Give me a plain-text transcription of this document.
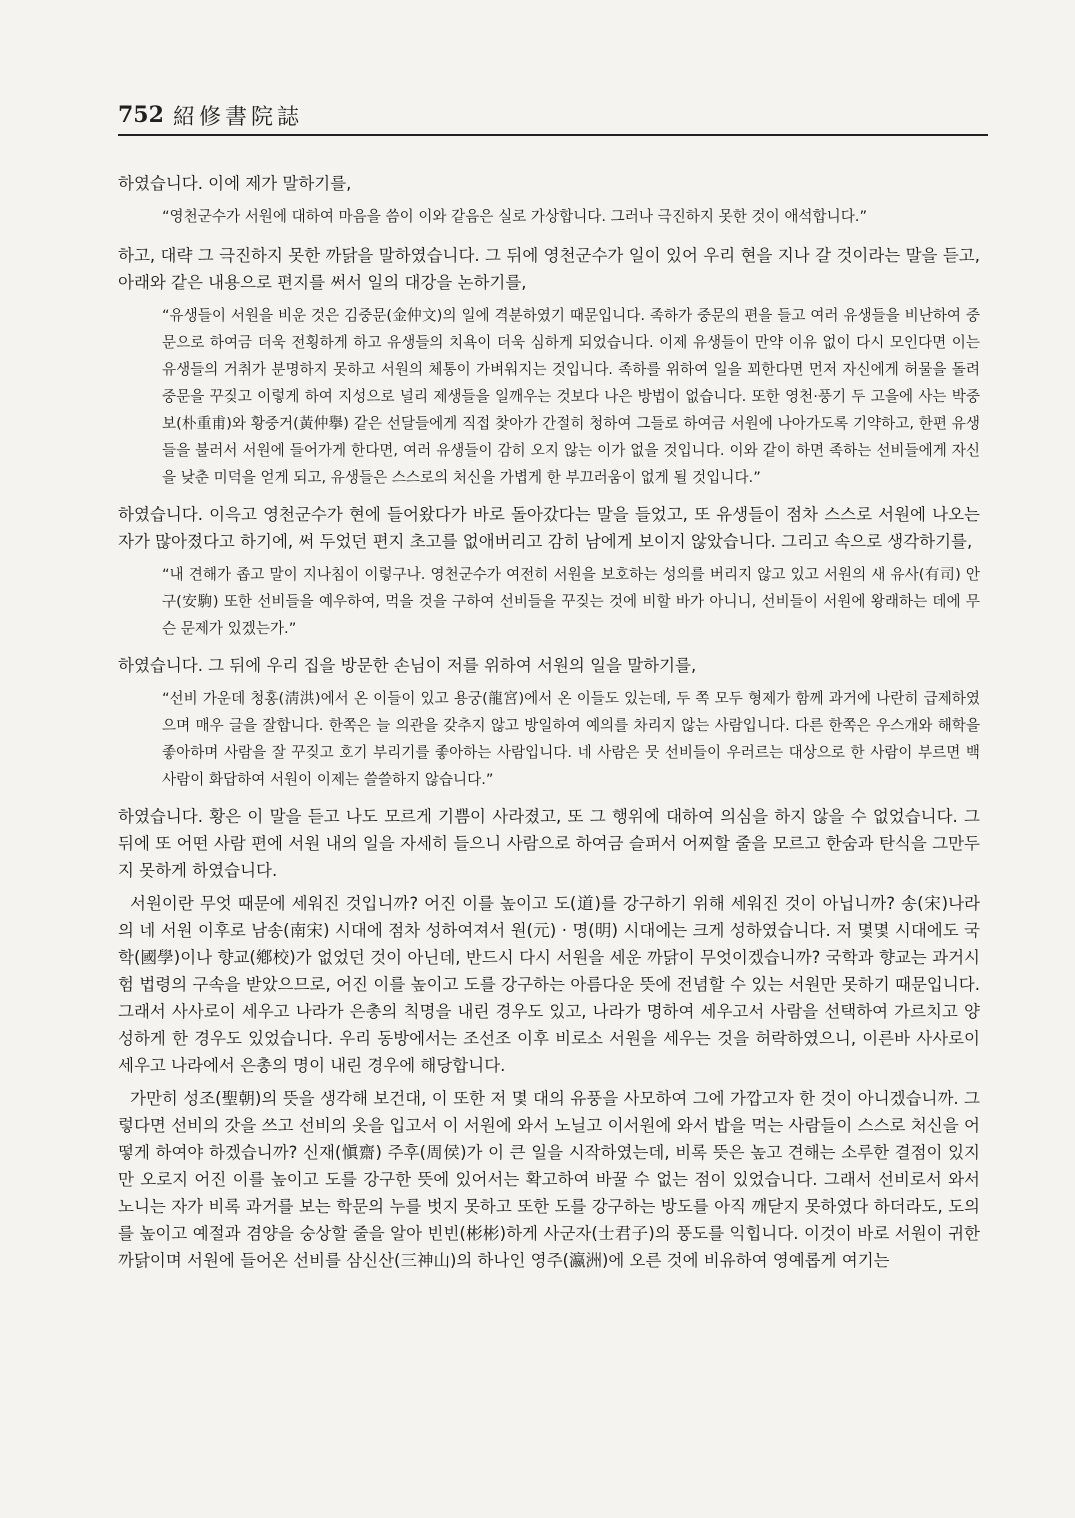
752 紹修書院誌

하였습니다. 이에 제가 말하기를,

“영천군수가 서원에 대하여 마음을 씀이 이와 같음은 실로 가상합니다. 그러나 극진하지 못한 것이 애석합니다.”

하고, 대략 그 극진하지 못한 까닭을 말하였습니다. 그 뒤에 영천군수가 일이 있어 우리 현을 지나 갈 것이라는 말을 듣고, 아래와 같은 내용으로 편지를 써서 일의 대강을 논하기를,

“유생들이 서원을 비운 것은 김중문(金仲文)의 일에 격분하였기 때문입니다. 족하가 중문의 편을 들고 여러 유생들을 비난하여 중문으로 하여금 더욱 전횡하게 하고 유생들의 치욕이 더욱 심하게 되었습니다. 이제 유생들이 만약 이유 없이 다시 모인다면 이는 유생들의 거취가 분명하지 못하고 서원의 체통이 가벼워지는 것입니다. 족하를 위하여 일을 꾀한다면 먼저 자신에게 허물을 돌려 중문을 꾸짖고 이렇게 하여 지성으로 널리 제생들을 일깨우는 것보다 나은 방법이 없습니다. 또한 영천·풍기 두 고을에 사는 박중보(朴重甫)와 황중거(黃仲擧) 같은 선달들에게 직접 찾아가 간절히 청하여 그들로 하여금 서원에 나아가도록 기약하고, 한편 유생들을 불러서 서원에 들어가게 한다면, 여러 유생들이 감히 오지 않는 이가 없을 것입니다. 이와 같이 하면 족하는 선비들에게 자신을 낮춘 미덕을 얻게 되고, 유생들은 스스로의 처신을 가볍게 한 부끄러움이 없게 될 것입니다.”

하였습니다. 이윽고 영천군수가 현에 들어왔다가 바로 돌아갔다는 말을 들었고, 또 유생들이 점차 스스로 서원에 나오는 자가 많아졌다고 하기에, 써 두었던 편지 초고를 없애버리고 감히 남에게 보이지 않았습니다. 그리고 속으로 생각하기를,

“내 견해가 좁고 말이 지나침이 이렇구나. 영천군수가 여전히 서원을 보호하는 성의를 버리지 않고 있고 서원의 새 유사(有司) 안구(安駒) 또한 선비들을 예우하여, 먹을 것을 구하여 선비들을 꾸짖는 것에 비할 바가 아니니, 선비들이 서원에 왕래하는 데에 무슨 문제가 있겠는가.”

하였습니다. 그 뒤에 우리 집을 방문한 손님이 저를 위하여 서원의 일을 말하기를,

“선비 가운데 청홍(淸洪)에서 온 이들이 있고 용궁(龍宮)에서 온 이들도 있는데, 두 쪽 모두 형제가 함께 과거에 나란히 급제하였으며 매우 글을 잘합니다. 한쪽은 늘 의관을 갖추지 않고 방일하여 예의를 차리지 않는 사람입니다. 다른 한쪽은 우스개와 해학을 좋아하며 사람을 잘 꾸짖고 호기 부리기를 좋아하는 사람입니다. 네 사람은 뭇 선비들이 우러르는 대상으로 한 사람이 부르면 백 사람이 화답하여 서원이 이제는 쓸쓸하지 않습니다.”

하였습니다. 황은 이 말을 듣고 나도 모르게 기쁨이 사라졌고, 또 그 행위에 대하여 의심을 하지 않을 수 없었습니다. 그 뒤에 또 어떤 사람 편에 서원 내의 일을 자세히 들으니 사람으로 하여금 슬퍼서 어찌할 줄을 모르고 한숨과 탄식을 그만두지 못하게 하였습니다.

서원이란 무엇 때문에 세워진 것입니까? 어진 이를 높이고 도(道)를 강구하기 위해 세워진 것이 아닙니까? 송(宋)나라의 네 서원 이후로 남송(南宋) 시대에 점차 성하여져서 원(元) · 명(明) 시대에는 크게 성하였습니다. 저 몇몇 시대에도 국학(國學)이나 향교(鄕校)가 없었던 것이 아닌데, 반드시 다시 서원을 세운 까닭이 무엇이겠습니까? 국학과 향교는 과거시험 법령의 구속을 받았으므로, 어진 이를 높이고 도를 강구하는 아름다운 뜻에 전념할 수 있는 서원만 못하기 때문입니다. 그래서 사사로이 세우고 나라가 은총의 칙명을 내린 경우도 있고, 나라가 명하여 세우고서 사람을 선택하여 가르치고 양성하게 한 경우도 있었습니다. 우리 동방에서는 조선조 이후 비로소 서원을 세우는 것을 허락하였으니, 이른바 사사로이 세우고 나라에서 은총의 명이 내린 경우에 해당합니다.

가만히 성조(聖朝)의 뜻을 생각해 보건대, 이 또한 저 몇 대의 유풍을 사모하여 그에 가깝고자 한 것이 아니겠습니까. 그렇다면 선비의 갓을 쓰고 선비의 옷을 입고서 이 서원에 와서 노닐고 이서원에 와서 밥을 먹는 사람들이 스스로 처신을 어떻게 하여야 하겠습니까? 신재(愼齋) 주후(周侯)가 이 큰 일을 시작하였는데, 비록 뜻은 높고 견해는 소루한 결점이 있지만 오로지 어진 이를 높이고 도를 강구한 뜻에 있어서는 확고하여 바꿀 수 없는 점이 있었습니다. 그래서 선비로서 와서 노니는 자가 비록 과거를 보는 학문의 누를 벗지 못하고 또한 도를 강구하는 방도를 아직 깨닫지 못하였다 하더라도, 도의를 높이고 예절과 겸양을 숭상할 줄을 알아 빈빈(彬彬)하게 사군자(士君子)의 풍도를 익힙니다. 이것이 바로 서원이 귀한 까닭이며 서원에 들어온 선비를 삼신산(三神山)의 하나인 영주(瀛洲)에 오른 것에 비유하여 영예롭게 여기는
